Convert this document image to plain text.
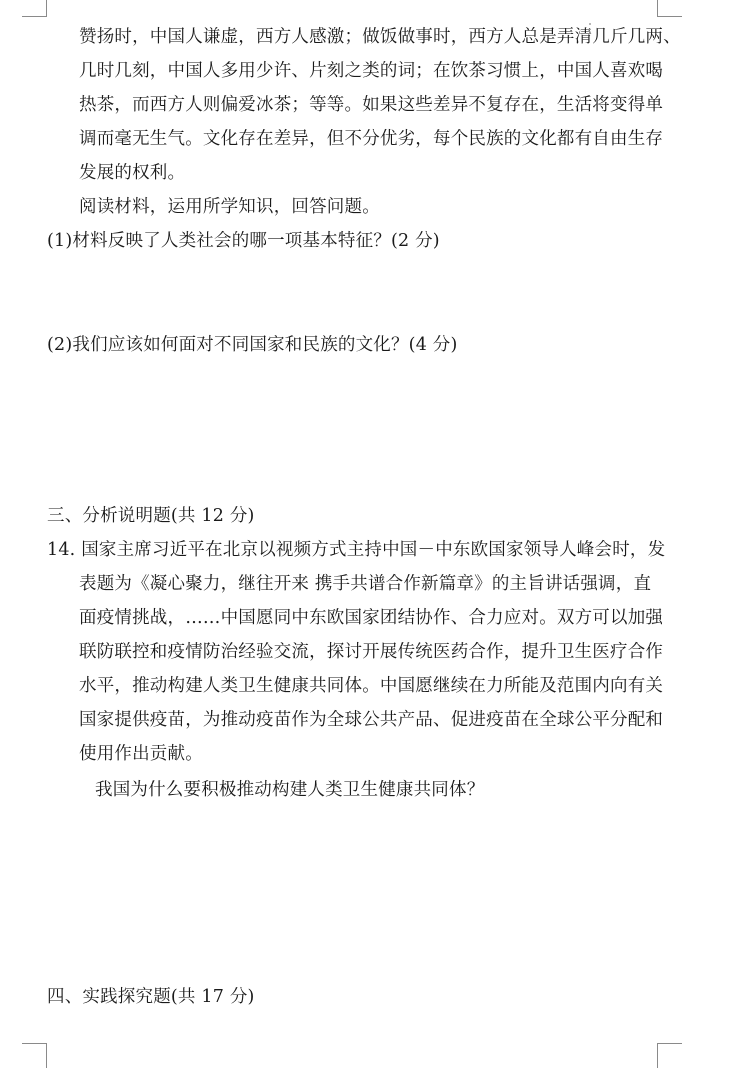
赞扬时，中国人谦虚，西方人感激；做饭做事时，西方人总是弄清几斤几两、
几时几刻，中国人多用少许、片刻之类的词；在饮茶习惯上，中国人喜欢喝
热茶，而西方人则偏爱冰茶；等等。如果这些差异不复存在，生活将变得单
调而毫无生气。文化存在差异，但不分优劣，每个民族的文化都有自由生存
发展的权利。
阅读材料，运用所学知识，回答问题。
(1)材料反映了人类社会的哪一项基本特征？(2 分)
(2)我们应该如何面对不同国家和民族的文化？(4 分)
三、分析说明题(共 12 分)
14. 国家主席习近平在北京以视频方式主持中国－中东欧国家领导人峰会时，发
表题为《凝心聚力，继往开来 携手共谱合作新篇章》的主旨讲话强调，直
面疫情挑战，……中国愿同中东欧国家团结协作、合力应对。双方可以加强
联防联控和疫情防治经验交流，探讨开展传统医药合作，提升卫生医疗合作
水平，推动构建人类卫生健康共同体。中国愿继续在力所能及范围内向有关
国家提供疫苗，为推动疫苗作为全球公共产品、促进疫苗在全球公平分配和
使用作出贡献。
我国为什么要积极推动构建人类卫生健康共同体？
四、实践探究题(共 17 分)
